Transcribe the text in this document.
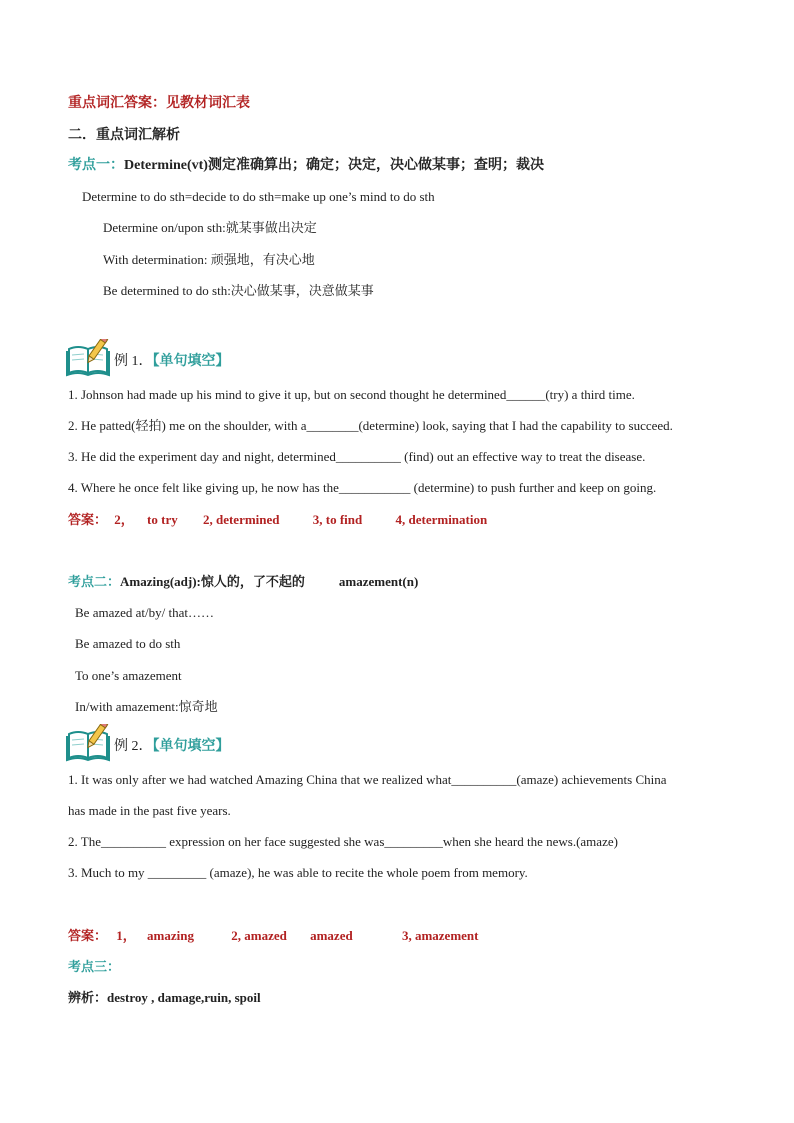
重点词汇答案：见教材词汇表
二．重点词汇解析
考点一：Determine(vt)测定准确算出；确定；决定，决心做某事；查明；裁决
Determine to do sth=decide to do sth=make up one’s mind to do sth
Determine on/upon sth:就某事做出决定
With determination: 顽强地，有决心地
Be determined to do sth:决心做某事，决意做某事
例 1．【单句填空】
1. Johnson had made up his mind to give it up, but on second thought he determined______(try) a third time.
2. He patted(轻拍) me on the shoulder, with a________(determine) look, saying that I had the capability to succeed.
3. He did the experiment day and night, determined__________ (find) out an effective way to treat the disease.
4. Where he once felt like giving up, he now has the___________ (determine) to push further and keep on going.
答案： 2， to try 2, determined	3, to find	4, determination
考点二：Amazing(adj):惊人的，了不起的	amazement(n)
Be amazed at/by/ that……
Be amazed to do sth
To one’s amazement
In/with amazement:惊奇地
例 2．【单句填空】
1. It was only after we had watched Amazing China that we realized what__________(amaze) achievements China
has made in the past five years.
2. The__________ expression on her face suggested she was_________when she heard the news.(amaze)
3. Much to my _________ (amaze), he was able to recite the whole poem from memory.
答案： 1， amazing	2, amazed amazed	3, amazement
考点三：
辨析：destroy , damage,ruin, spoil
